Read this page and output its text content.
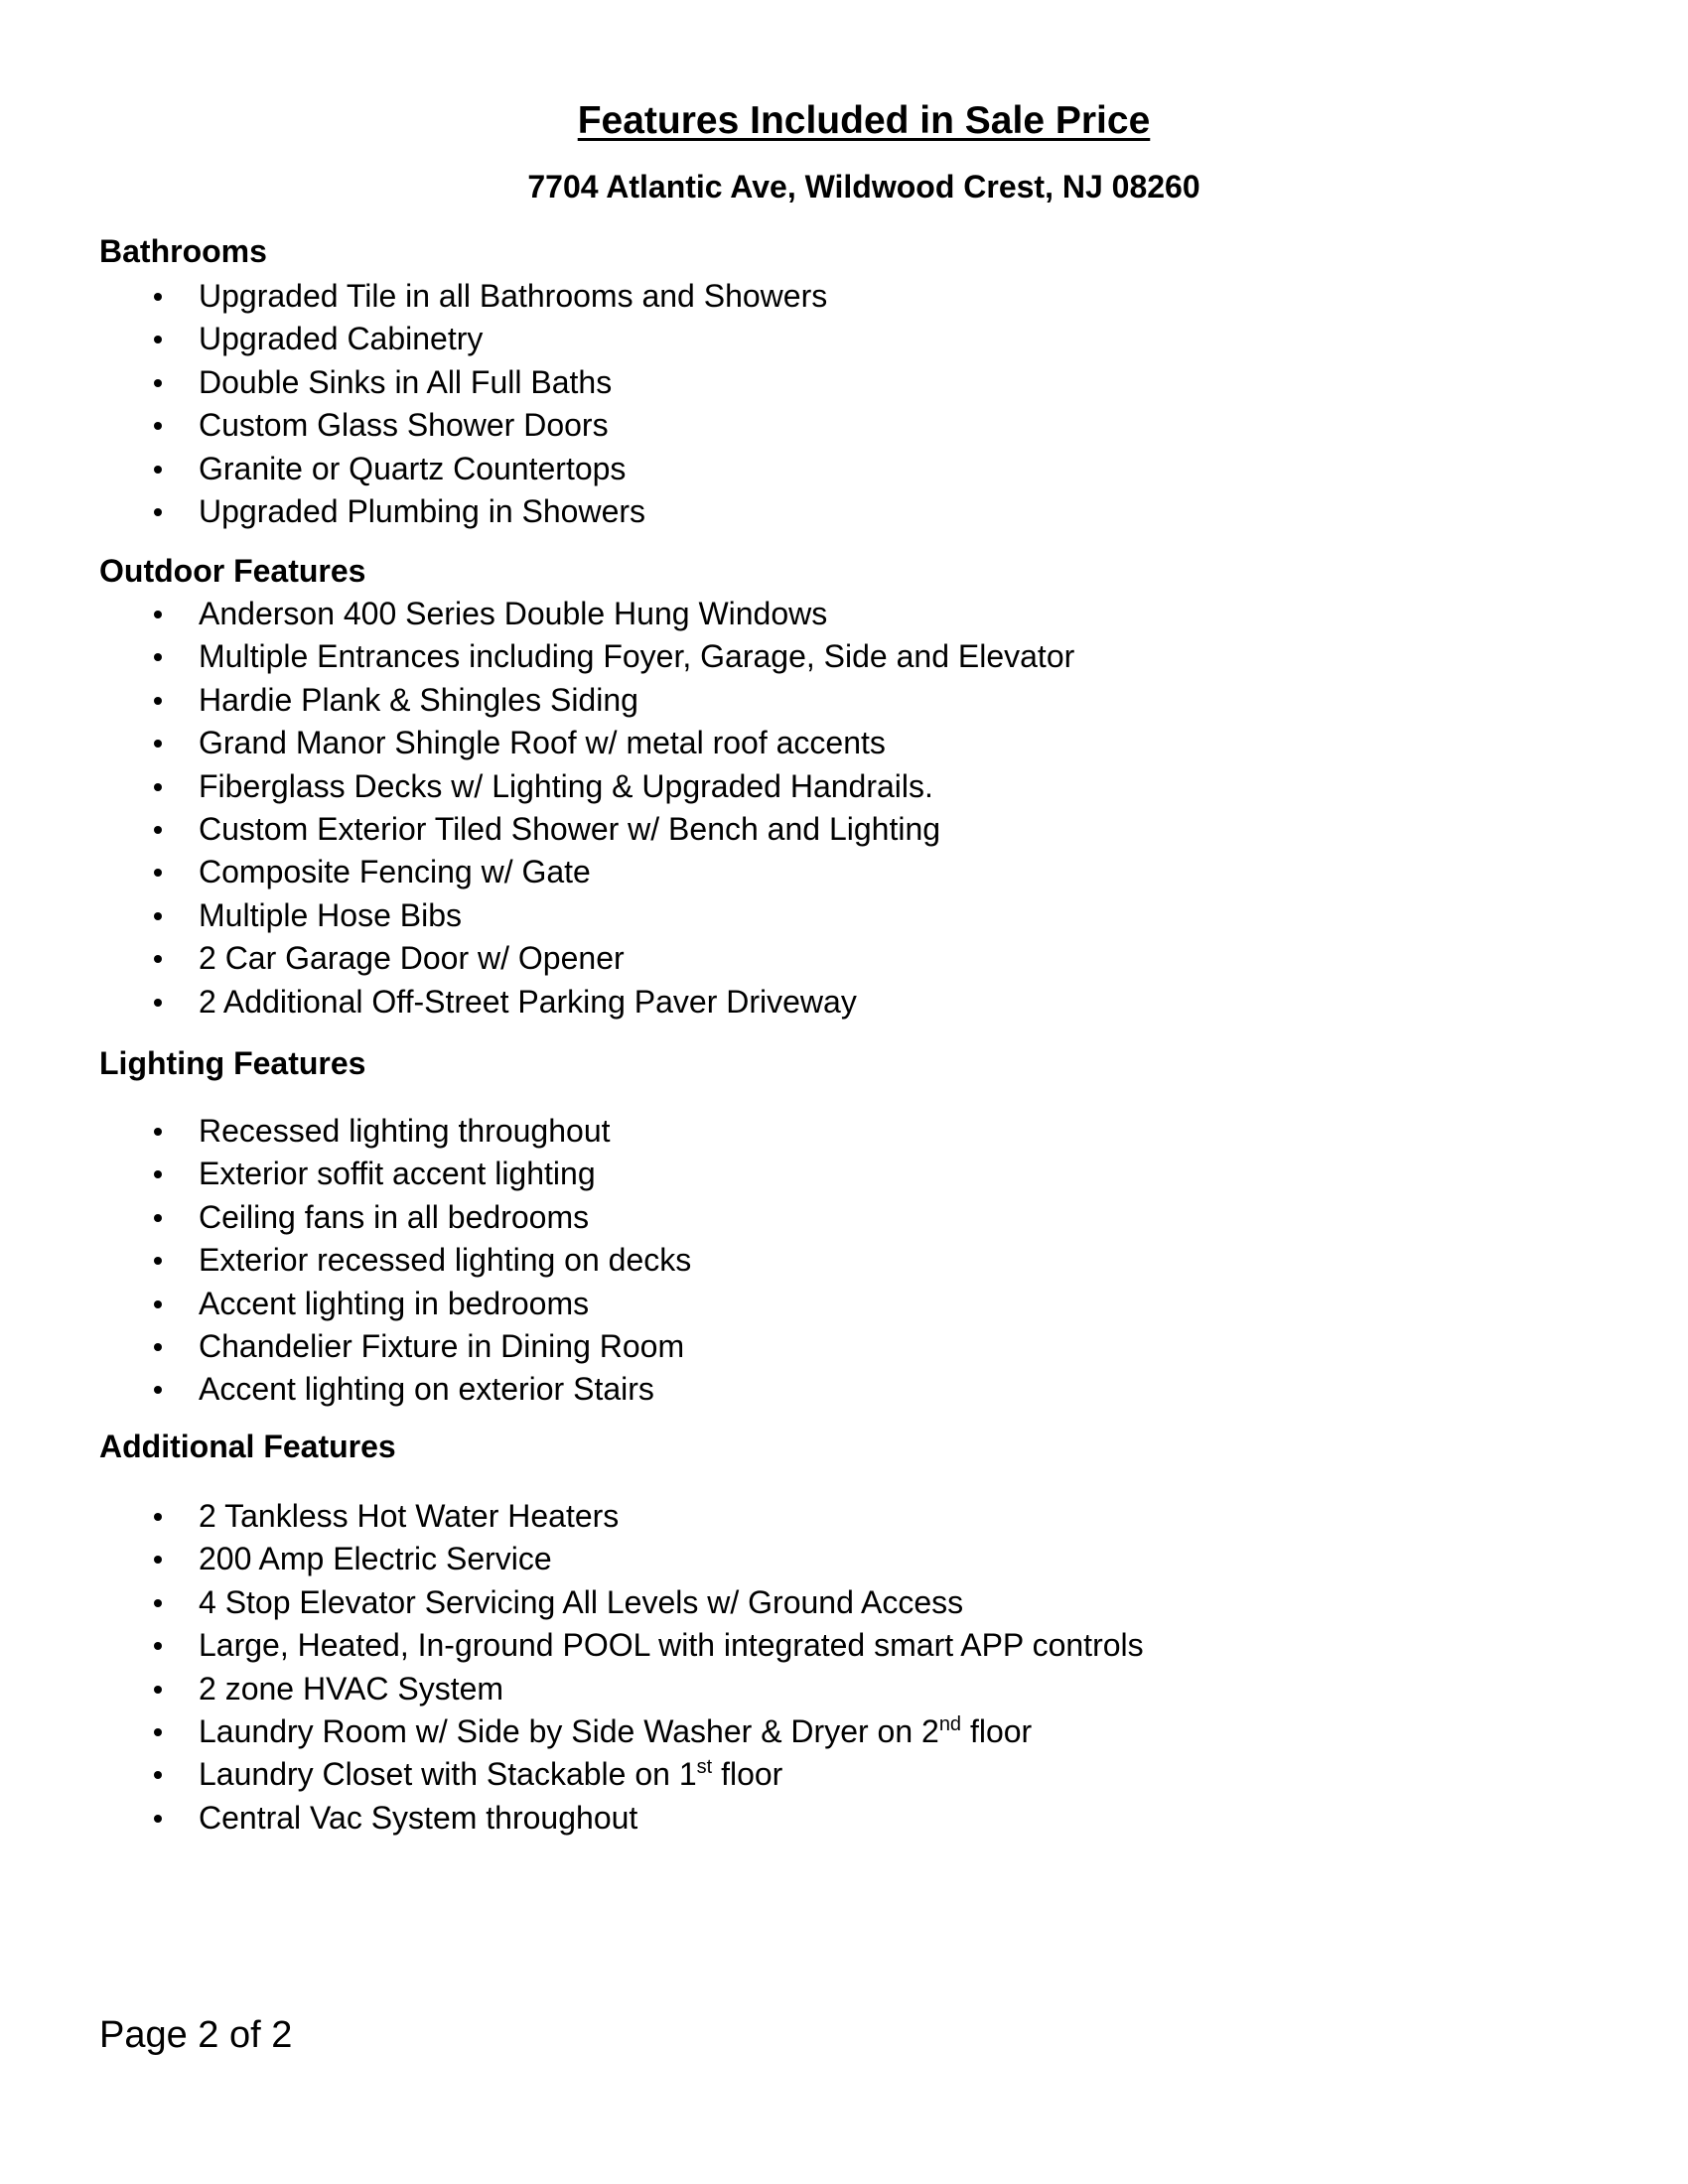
Features Included in Sale Price
7704 Atlantic Ave, Wildwood Crest, NJ 08260
Bathrooms
Upgraded Tile in all Bathrooms and Showers
Upgraded Cabinetry
Double Sinks in All Full Baths
Custom Glass Shower Doors
Granite or Quartz Countertops
Upgraded Plumbing in Showers
Outdoor Features
Anderson 400 Series Double Hung Windows
Multiple Entrances including Foyer, Garage, Side and Elevator
Hardie Plank & Shingles Siding
Grand Manor Shingle Roof w/ metal roof accents
Fiberglass Decks w/ Lighting & Upgraded Handrails.
Custom Exterior Tiled Shower w/ Bench and Lighting
Composite Fencing w/ Gate
Multiple Hose Bibs
2 Car Garage Door w/ Opener
2 Additional Off-Street Parking Paver Driveway
Lighting Features
Recessed lighting throughout
Exterior soffit accent lighting
Ceiling fans in all bedrooms
Exterior recessed lighting on decks
Accent lighting in bedrooms
Chandelier Fixture in Dining Room
Accent lighting on exterior Stairs
Additional Features
2 Tankless Hot Water Heaters
200 Amp Electric Service
4 Stop Elevator Servicing All Levels w/ Ground Access
Large, Heated, In-ground POOL with integrated smart APP controls
2 zone HVAC System
Laundry Room w/ Side by Side Washer & Dryer on 2nd floor
Laundry Closet with Stackable on 1st floor
Central Vac System throughout
Page 2 of 2
